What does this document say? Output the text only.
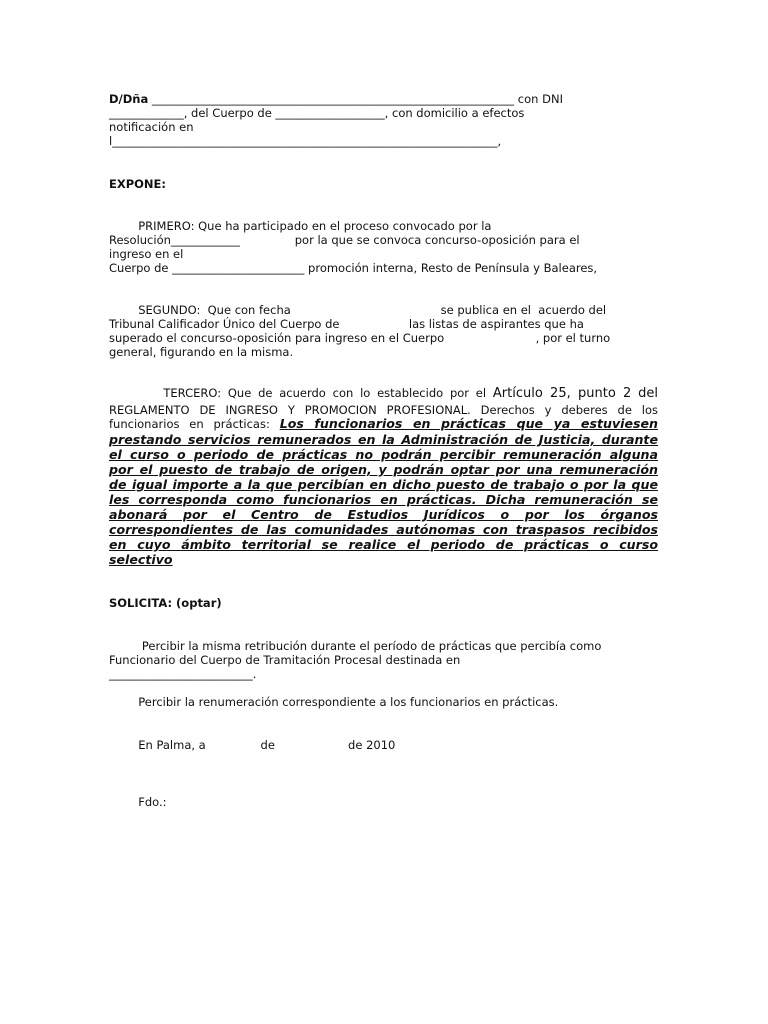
D/Dña _______________________________________________________________ con DNI
_____________, del Cuerpo de ___________________, con domicilio a efectos
notificación en
l___________________________________________________________________,
EXPONE:
PRIMERO: Que ha participado en el proceso convocado por la
Resolución____________               por la que se convoca concurso-oposición para el
ingreso en el
Cuerpo de _______________________ promoción interna, Resto de Península y Baleares,
SEGUNDO:  Que con fecha                                         se publica en el  acuerdo del
Tribunal Calificador Único del Cuerpo de                   las listas de aspirantes que ha
superado el concurso-oposición para ingreso en el Cuerpo                         , por el turno
general, figurando en la misma.
TERCERO: Que de acuerdo con lo establecido por el Artículo 25, punto 2 del
REGLAMENTO DE INGRESO Y PROMOCION PROFESIONAL. Derechos y deberes de los
funcionarios en prácticas: Los funcionarios en prácticas que ya estuviesen
prestando servicios remunerados en la Administración de Justicia, durante
el curso o periodo de prácticas no podrán percibir remuneración alguna
por el puesto de trabajo de origen, y podrán optar por una remuneración
de igual importe a la que percibían en dicho puesto de trabajo o por la que
les corresponda como funcionarios en prácticas. Dicha remuneración se
abonará por el Centro de Estudios Jurídicos o por los órganos
correspondientes de las comunidades autónomas con traspasos recibidos
en cuyo ámbito territorial se realice el periodo de prácticas o curso
selectivo
SOLICITA: (optar)
Percibir la misma retribución durante el período de prácticas que percibía como
Funcionario del Cuerpo de Tramitación Procesal destinada en
_________________________.
Percibir la renumeración correspondiente a los funcionarios en prácticas.
En Palma, a               de                    de 2010
Fdo.:
